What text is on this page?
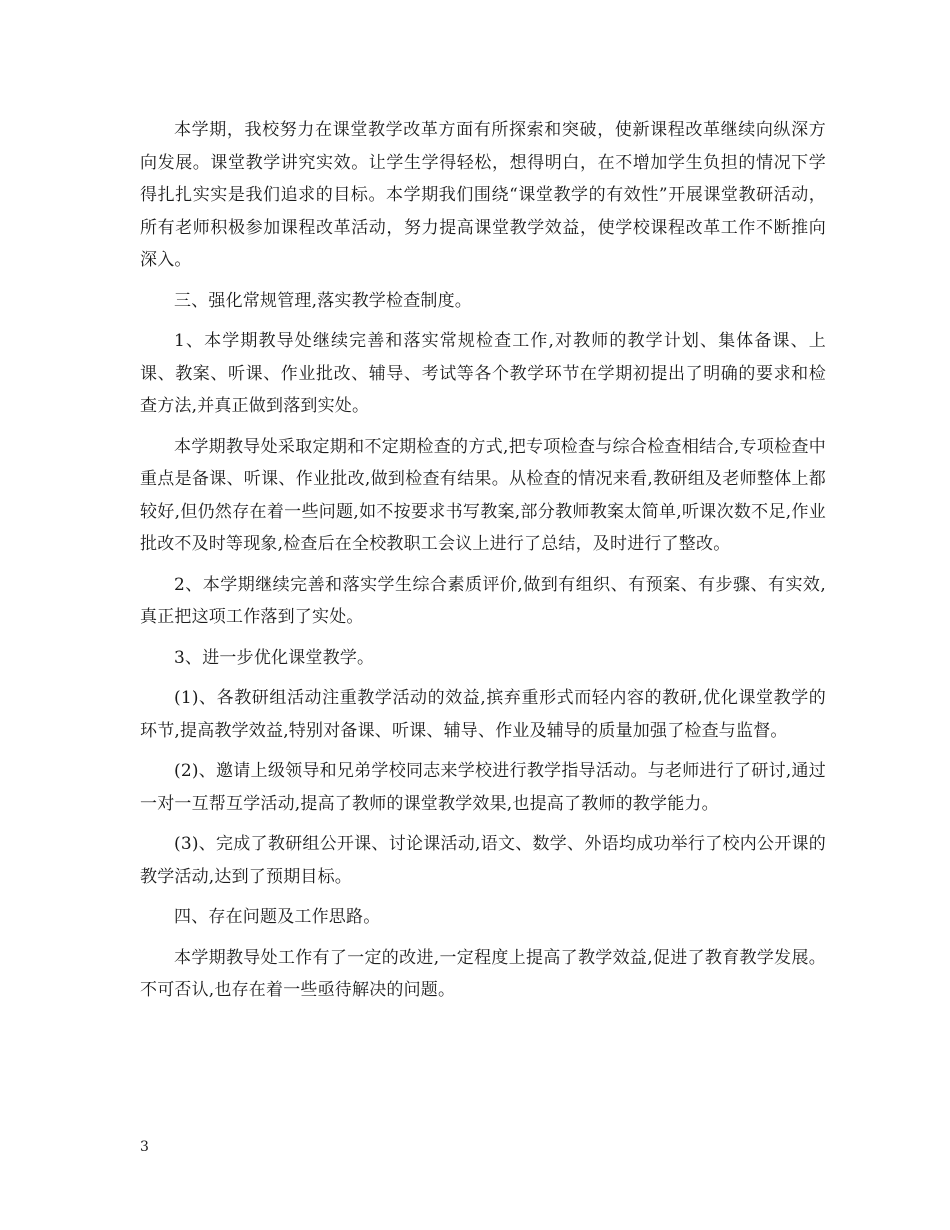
本学期，我校努力在课堂教学改革方面有所探索和突破，使新课程改革继续向纵深方向发展。课堂教学讲究实效。让学生学得轻松，想得明白，在不增加学生负担的情况下学得扎扎实实是我们追求的目标。本学期我们围绕“课堂教学的有效性”开展课堂教研活动，所有老师积极参加课程改革活动，努力提高课堂教学效益，使学校课程改革工作不断推向深入。

三、强化常规管理,落实教学检查制度。

1、本学期教导处继续完善和落实常规检查工作,对教师的教学计划、集体备课、上课、教案、听课、作业批改、辅导、考试等各个教学环节在学期初提出了明确的要求和检查方法,并真正做到落到实处。

本学期教导处采取定期和不定期检查的方式,把专项检查与综合检查相结合,专项检查中重点是备课、听课、作业批改,做到检查有结果。从检查的情况来看,教研组及老师整体上都较好,但仍然存在着一些问题,如不按要求书写教案,部分教师教案太简单,听课次数不足,作业批改不及时等现象,检查后在全校教职工会议上进行了总结，及时进行了整改。

2、本学期继续完善和落实学生综合素质评价,做到有组织、有预案、有步骤、有实效,真正把这项工作落到了实处。

3、进一步优化课堂教学。

(1)、各教研组活动注重教学活动的效益,摈弃重形式而轻内容的教研,优化课堂教学的环节,提高教学效益,特别对备课、听课、辅导、作业及辅导的质量加强了检查与监督。

(2)、邀请上级领导和兄弟学校同志来学校进行教学指导活动。与老师进行了研讨,通过一对一互帮互学活动,提高了教师的课堂教学效果,也提高了教师的教学能力。

(3)、完成了教研组公开课、讨论课活动,语文、数学、外语均成功举行了校内公开课的教学活动,达到了预期目标。

四、存在问题及工作思路。

本学期教导处工作有了一定的改进,一定程度上提高了教学效益,促进了教育教学发展。不可否认,也存在着一些亟待解决的问题。

3
